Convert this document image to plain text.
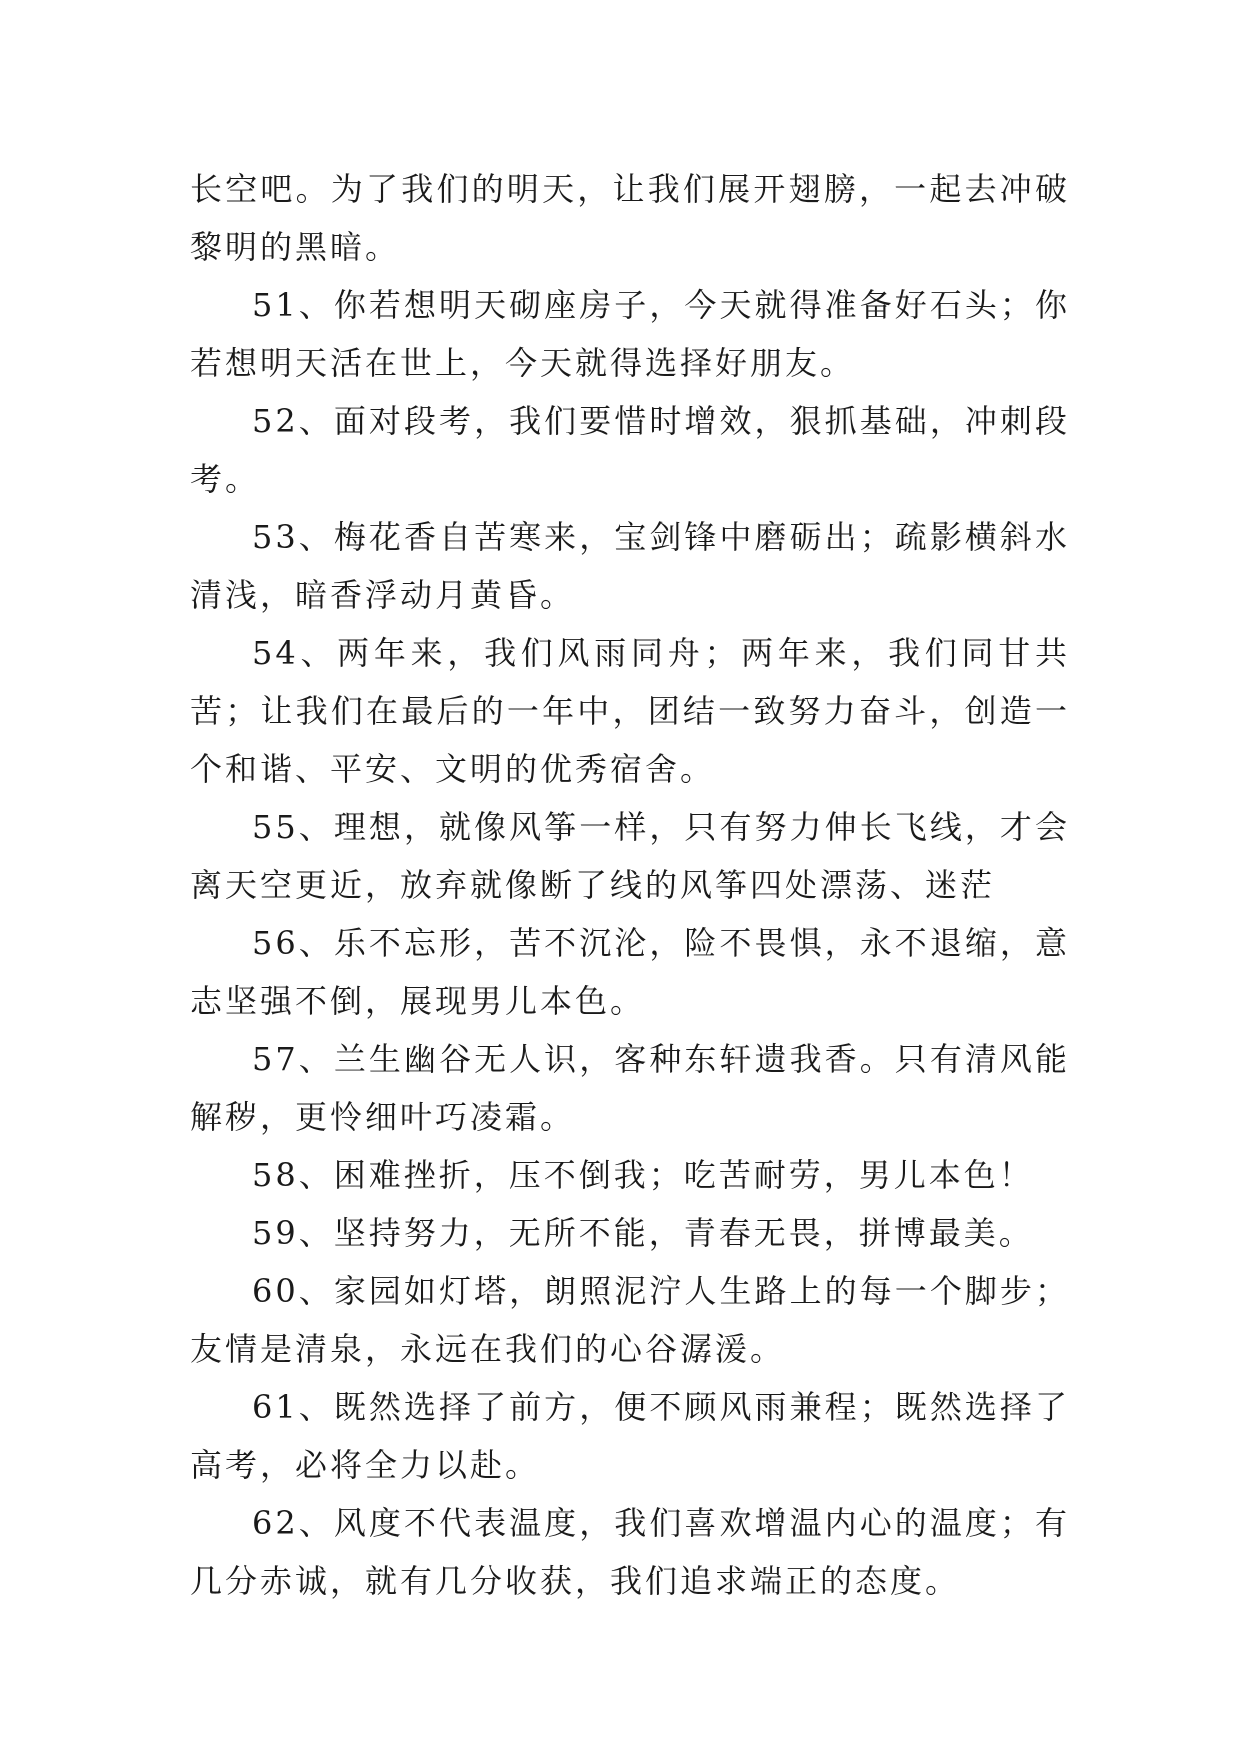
长空吧。为了我们的明天，让我们展开翅膀，一起去冲破黎明的黑暗。

51、你若想明天砌座房子，今天就得准备好石头；你若想明天活在世上，今天就得选择好朋友。

52、面对段考，我们要惜时增效，狠抓基础，冲刺段考。

53、梅花香自苦寒来，宝剑锋中磨砺出；疏影横斜水清浅，暗香浮动月黄昏。

54、两年来，我们风雨同舟；两年来，我们同甘共苦；让我们在最后的一年中，团结一致努力奋斗，创造一个和谐、平安、文明的优秀宿舍。

55、理想，就像风筝一样，只有努力伸长飞线，才会离天空更近，放弃就像断了线的风筝四处漂荡、迷茫

56、乐不忘形，苦不沉沦，险不畏惧，永不退缩，意志坚强不倒，展现男儿本色。

57、兰生幽谷无人识，客种东轩遗我香。只有清风能解秽，更怜细叶巧凌霜。

58、困难挫折，压不倒我；吃苦耐劳，男儿本色！

59、坚持努力，无所不能，青春无畏，拼博最美。

60、家园如灯塔，朗照泥泞人生路上的每一个脚步；友情是清泉，永远在我们的心谷潺湲。

61、既然选择了前方，便不顾风雨兼程；既然选择了高考，必将全力以赴。

62、风度不代表温度，我们喜欢增温内心的温度；有几分赤诚，就有几分收获，我们追求端正的态度。
